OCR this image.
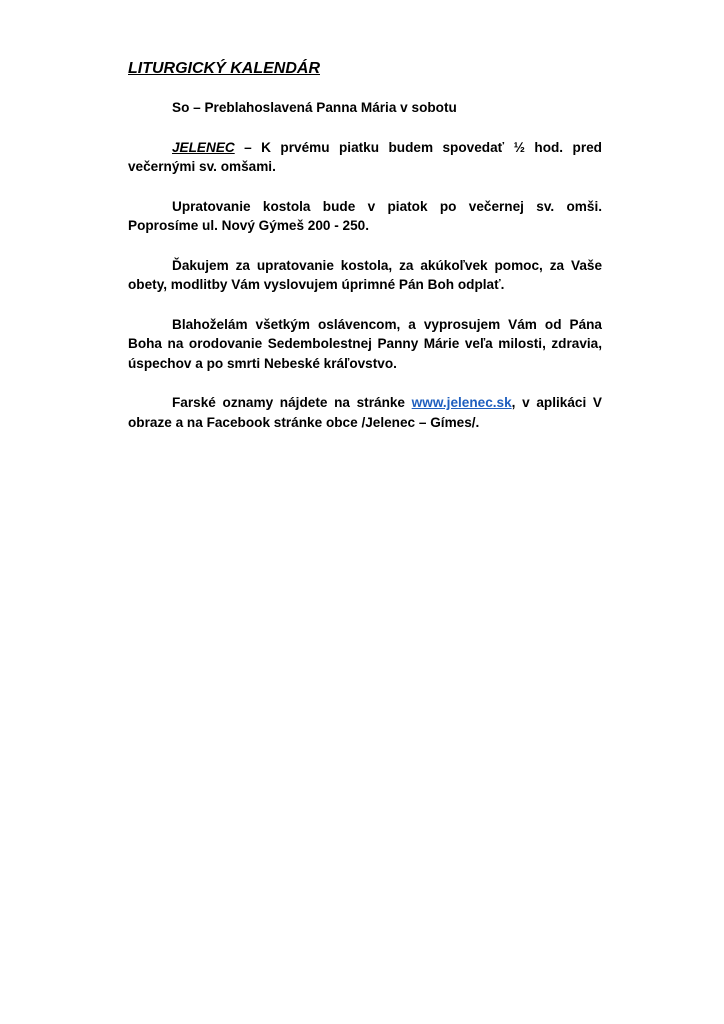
LITURGICKÝ KALENDÁR

So – Preblahoslavená Panna Mária v sobotu

JELENEC – K prvému piatku budem spovedať ½ hod. pred večernými sv. omšami.

Upratovanie kostola bude v piatok po večernej sv. omši. Poprosíme ul. Nový Gýmeš 200 - 250.

Ďakujem za upratovanie kostola, za akúkoľvek pomoc, za Vaše obety, modlitby Vám vyslovujem úprimné Pán Boh odplať.

Blahoželám všetkým oslávencom, a vyprosujem Vám od Pána Boha na orodovanie Sedembolestnej Panny Márie veľa milosti, zdravia, úspechov a po smrti Nebeské kráľovstvo.

Farské oznamy nájdete na stránke www.jelenec.sk, v aplikáci V obraze a na Facebook stránke obce /Jelenec – Gímes/.
